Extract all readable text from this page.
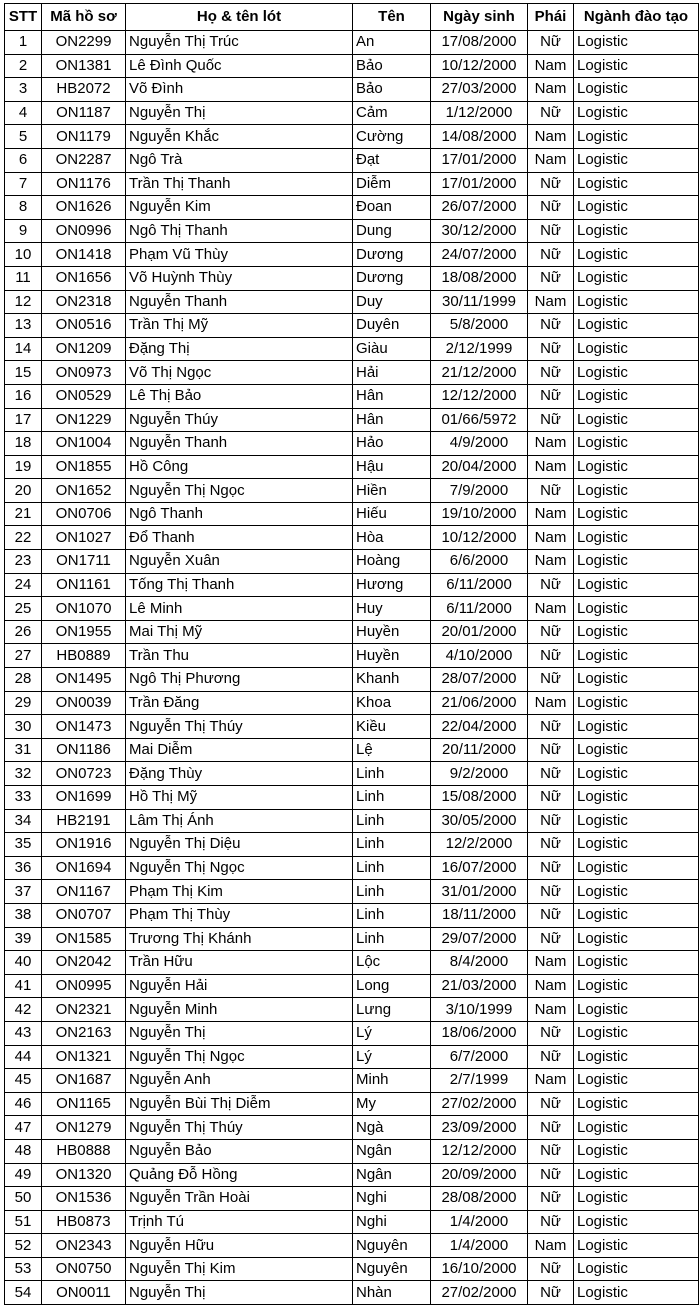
STT	Mã hồ sơ	Họ & tên lót	Tên	Ngày sinh	Phái	Ngành đào tạo
1	ON2299	Nguyễn Thị Trúc	An	17/08/2000	Nữ	Logistic
2	ON1381	Lê Đình Quốc	Bảo	10/12/2000	Nam	Logistic
3	HB2072	Võ Đình	Bảo	27/03/2000	Nam	Logistic
4	ON1187	Nguyễn Thị	Cảm	1/12/2000	Nữ	Logistic
5	ON1179	Nguyễn Khắc	Cường	14/08/2000	Nam	Logistic
6	ON2287	Ngô Trà	Đạt	17/01/2000	Nam	Logistic
7	ON1176	Trần Thị Thanh	Diễm	17/01/2000	Nữ	Logistic
8	ON1626	Nguyễn Kim	Đoan	26/07/2000	Nữ	Logistic
9	ON0996	Ngô Thị Thanh	Dung	30/12/2000	Nữ	Logistic
10	ON1418	Phạm Vũ Thùy	Dương	24/07/2000	Nữ	Logistic
11	ON1656	Võ Huỳnh Thùy	Dương	18/08/2000	Nữ	Logistic
12	ON2318	Nguyễn Thanh	Duy	30/11/1999	Nam	Logistic
13	ON0516	Trần Thị Mỹ	Duyên	5/8/2000	Nữ	Logistic
14	ON1209	Đặng Thị	Giàu	2/12/1999	Nữ	Logistic
15	ON0973	Võ Thị Ngọc	Hải	21/12/2000	Nữ	Logistic
16	ON0529	Lê Thị Bảo	Hân	12/12/2000	Nữ	Logistic
17	ON1229	Nguyễn Thúy	Hân	01/66/5972	Nữ	Logistic
18	ON1004	Nguyễn Thanh	Hảo	4/9/2000	Nam	Logistic
19	ON1855	Hồ Công	Hậu	20/04/2000	Nam	Logistic
20	ON1652	Nguyễn Thị Ngọc	Hiền	7/9/2000	Nữ	Logistic
21	ON0706	Ngô Thanh	Hiếu	19/10/2000	Nam	Logistic
22	ON1027	Đổ Thanh	Hòa	10/12/2000	Nam	Logistic
23	ON1711	Nguyễn Xuân	Hoàng	6/6/2000	Nam	Logistic
24	ON1161	Tống Thị Thanh	Hương	6/11/2000	Nữ	Logistic
25	ON1070	Lê Minh	Huy	6/11/2000	Nam	Logistic
26	ON1955	Mai Thị Mỹ	Huyền	20/01/2000	Nữ	Logistic
27	HB0889	Trần Thu	Huyền	4/10/2000	Nữ	Logistic
28	ON1495	Ngô Thị Phương	Khanh	28/07/2000	Nữ	Logistic
29	ON0039	Trần Đăng	Khoa	21/06/2000	Nam	Logistic
30	ON1473	Nguyễn Thị Thúy	Kiều	22/04/2000	Nữ	Logistic
31	ON1186	Mai Diễm	Lệ	20/11/2000	Nữ	Logistic
32	ON0723	Đặng Thùy	Linh	9/2/2000	Nữ	Logistic
33	ON1699	Hồ Thị Mỹ	Linh	15/08/2000	Nữ	Logistic
34	HB2191	Lâm Thị Ánh	Linh	30/05/2000	Nữ	Logistic
35	ON1916	Nguyễn Thị Diệu	Linh	12/2/2000	Nữ	Logistic
36	ON1694	Nguyễn Thị Ngọc	Linh	16/07/2000	Nữ	Logistic
37	ON1167	Phạm Thị Kim	Linh	31/01/2000	Nữ	Logistic
38	ON0707	Phạm Thị Thùy	Linh	18/11/2000	Nữ	Logistic
39	ON1585	Trương Thị Khánh	Linh	29/07/2000	Nữ	Logistic
40	ON2042	Trần Hữu	Lộc	8/4/2000	Nam	Logistic
41	ON0995	Nguyễn Hải	Long	21/03/2000	Nam	Logistic
42	ON2321	Nguyễn Minh	Lưng	3/10/1999	Nam	Logistic
43	ON2163	Nguyễn Thị	Lý	18/06/2000	Nữ	Logistic
44	ON1321	Nguyễn Thị Ngọc	Lý	6/7/2000	Nữ	Logistic
45	ON1687	Nguyễn Anh	Minh	2/7/1999	Nam	Logistic
46	ON1165	Nguyễn Bùi Thị Diễm	My	27/02/2000	Nữ	Logistic
47	ON1279	Nguyễn Thị Thúy	Ngà	23/09/2000	Nữ	Logistic
48	HB0888	Nguyễn Bảo	Ngân	12/12/2000	Nữ	Logistic
49	ON1320	Quảng Đỗ Hồng	Ngân	20/09/2000	Nữ	Logistic
50	ON1536	Nguyễn Trần Hoài	Nghi	28/08/2000	Nữ	Logistic
51	HB0873	Trịnh Tú	Nghi	1/4/2000	Nữ	Logistic
52	ON2343	Nguyễn Hữu	Nguyên	1/4/2000	Nam	Logistic
53	ON0750	Nguyễn Thị Kim	Nguyên	16/10/2000	Nữ	Logistic
54	ON0011	Nguyễn Thị	Nhàn	27/02/2000	Nữ	Logistic
